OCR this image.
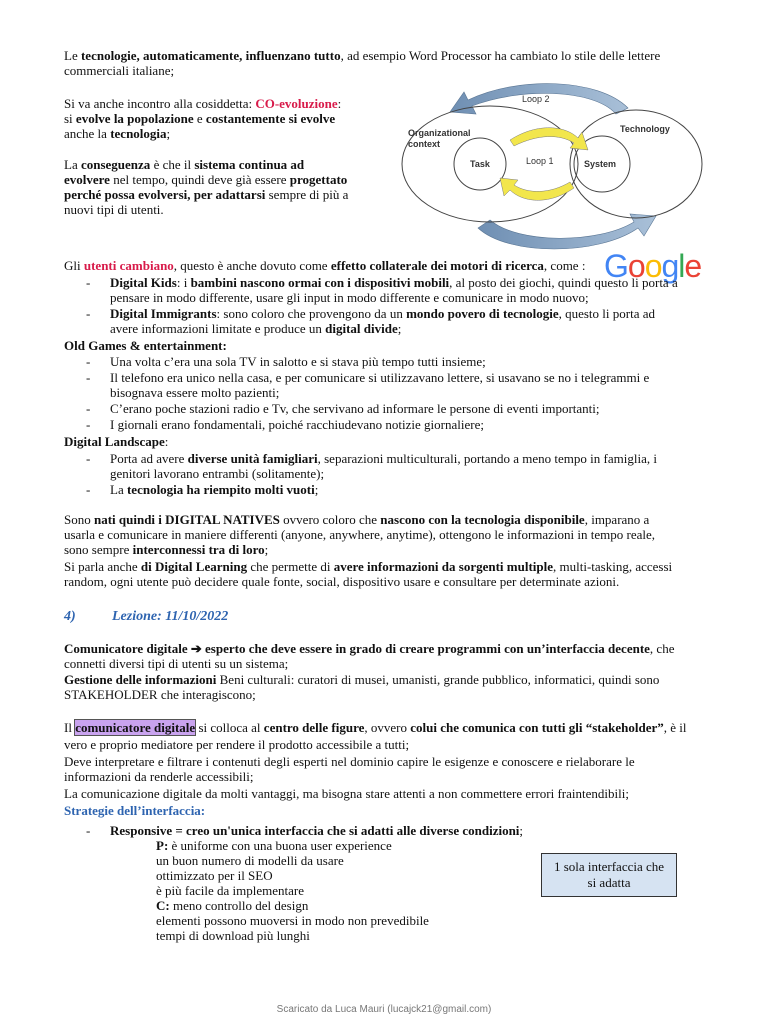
Le tecnologie, automaticamente, influenzano tutto, ad esempio Word Processor ha cambiato lo stile delle lettere
commerciali italiane;
Si va anche incontro alla cosiddetta: CO-evoluzione:
si evolve la popolazione e costantemente si evolve
anche la tecnologia;
La conseguenza è che il sistema continua ad
evolvere nel tempo, quindi deve già essere progettato
perché possa evolversi, per adattarsi sempre di più a
nuovi tipi di utenti.
Loop 2
Organizational
context
Technology
Task	Loop 1	System
Gli utenti cambiano, questo è anche dovuto come effetto collaterale dei motori di ricerca, come : Google
- Digital Kids: i bambini nascono ormai con i dispositivi mobili, al posto dei giochi, quindi questo li porta a
pensare in modo differente, usare gli input in modo differente e comunicare in modo nuovo;
- Digital Immigrants: sono coloro che provengono da un mondo povero di tecnologie, questo li porta ad
avere informazioni limitate e produce un digital divide;
Old Games & entertainment:
- Una volta c’era una sola TV in salotto e si stava più tempo tutti insieme;
- Il telefono era unico nella casa, e per comunicare si utilizzavano lettere, si usavano se no i telegrammi e
bisognava essere molto pazienti;
- C’erano poche stazioni radio e Tv, che servivano ad informare le persone di eventi importanti;
- I giornali erano fondamentali, poiché racchiudevano notizie giornaliere;
Digital Landscape:
- Porta ad avere diverse unità famigliari, separazioni multiculturali, portando a meno tempo in famiglia, i
genitori lavorano entrambi (solitamente);
- La tecnologia ha riempito molti vuoti;
Sono nati quindi i DIGITAL NATIVES ovvero coloro che nascono con la tecnologia disponibile, imparano a
usarla e comunicare in maniere differenti (anyone, anywhere, anytime), ottengono le informazioni in tempo reale,
sono sempre interconnessi tra di loro;
Si parla anche di Digital Learning che permette di avere informazioni da sorgenti multiple, multi-tasking, accessi
random, ogni utente può decidere quale fonte, social, dispositivo usare e consultare per determinate azioni.
4)	Lezione: 11/10/2022
Comunicatore digitale ➔ esperto che deve essere in grado di creare programmi con un’interfaccia decente, che
connetti diversi tipi di utenti su un sistema;
Gestione delle informazioni Beni culturali: curatori di musei, umanisti, grande pubblico, informatici, quindi sono
STAKEHOLDER che interagiscono;
Il comunicatore digitale si colloca al centro delle figure, ovvero colui che comunica con tutti gli “stakeholder”, è il
vero e proprio mediatore per rendere il prodotto accessibile a tutti;
Deve interpretare e filtrare i contenuti degli esperti nel dominio capire le esigenze e conoscere e rielaborare le
informazioni da renderle accessibili;
La comunicazione digitale da molti vantaggi, ma bisogna stare attenti a non commettere errori fraintendibili;
Strategie dell’interfaccia:
- Responsive = creo un'unica interfaccia che si adatti alle diverse condizioni;
P: è uniforme con una buona user experience
un buon numero di modelli da usare
ottimizzato per il SEO
è più facile da implementare
C: meno controllo del design
elementi possono muoversi in modo non prevedibile
tempi di download più lunghi
1 sola interfaccia che
si adatta
Scaricato da Luca Mauri (lucajck21@gmail.com)
